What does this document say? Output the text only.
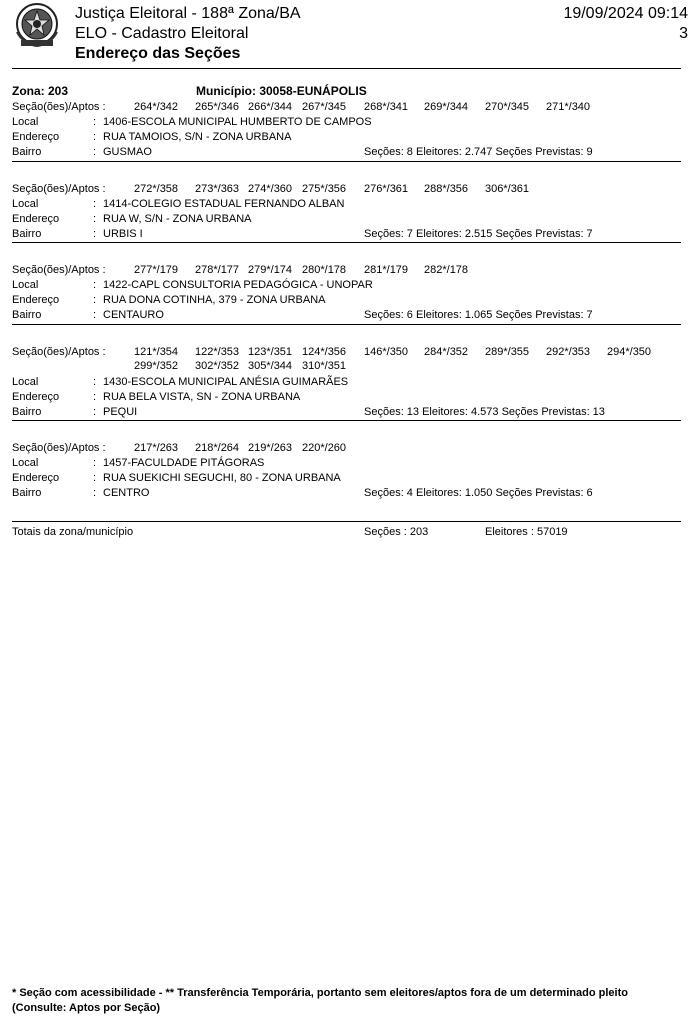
Justiça Eleitoral - 188ª Zona/BA
ELO - Cadastro Eleitoral
Endereço das Seções
19/09/2024 09:14
3
Zona: 203	Município: 30058-EUNÁPOLIS
Seção(ões)/Aptos :	264*/342 265*/346 266*/344 267*/345 268*/341 269*/344 270*/345 271*/340
Local	: 1406-ESCOLA MUNICIPAL HUMBERTO DE CAMPOS
Endereço	: RUA TAMOIOS, S/N - ZONA URBANA
Bairro	: GUSMAO	Seções: 8 Eleitores: 2.747 Seções Previstas: 9
Seção(ões)/Aptos :	272*/358 273*/363 274*/360 275*/356 276*/361 288*/356 306*/361
Local	: 1414-COLEGIO ESTADUAL FERNANDO ALBAN
Endereço	: RUA W, S/N - ZONA URBANA
Bairro	: URBIS I	Seções: 7 Eleitores: 2.515 Seções Previstas: 7
Seção(ões)/Aptos :	277*/179 278*/177 279*/174 280*/178 281*/179 282*/178
Local	: 1422-CAPL CONSULTORIA PEDAGÓGICA - UNOPAR
Endereço	: RUA DONA COTINHA, 379 - ZONA URBANA
Bairro	: CENTAURO	Seções: 6 Eleitores: 1.065 Seções Previstas: 7
Seção(ões)/Aptos :	121*/354 122*/353 123*/351 124*/356 146*/350 284*/352 289*/355 292*/353 294*/350
299*/352 302*/352 305*/344 310*/351
Local	: 1430-ESCOLA MUNICIPAL ANÉSIA GUIMARÃES
Endereço	: RUA BELA VISTA, SN - ZONA URBANA
Bairro	: PEQUI	Seções: 13 Eleitores: 4.573 Seções Previstas: 13
Seção(ões)/Aptos :	217*/263 218*/264 219*/263 220*/260
Local	: 1457-FACULDADE PITÁGORAS
Endereço	: RUA SUEKICHI SEGUCHI, 80 - ZONA URBANA
Bairro	: CENTRO	Seções: 4 Eleitores: 1.050 Seções Previstas: 6
Totais da zona/município	Seções : 203	Eleitores : 57019
* Seção com acessibilidade - ** Transferência Temporária, portanto sem eleitores/aptos fora de um determinado pleito (Consulte: Aptos por Seção)
